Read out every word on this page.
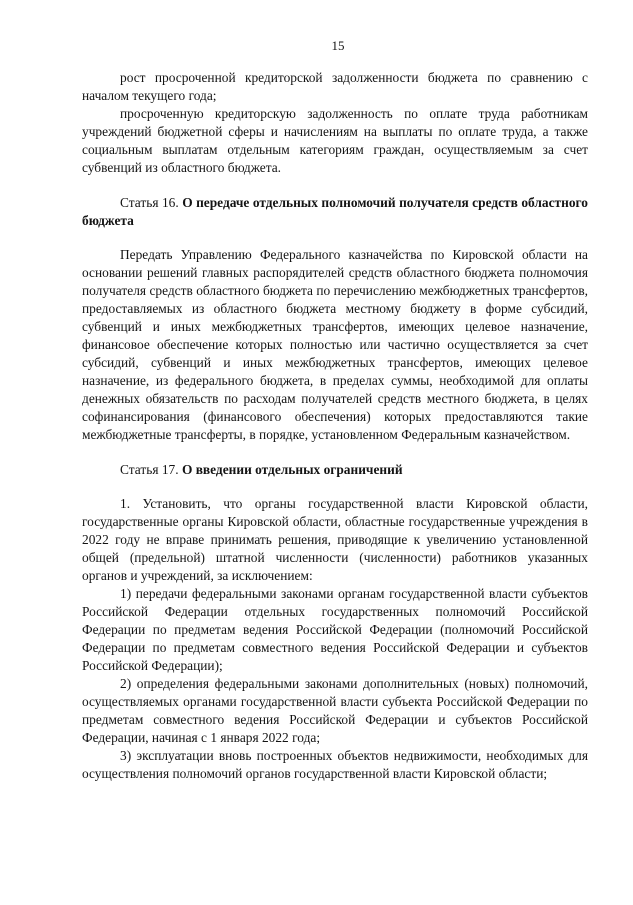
15

рост просроченной кредиторской задолженности бюджета по сравнению с началом текущего года;

просроченную кредиторскую задолженность по оплате труда работникам учреждений бюджетной сферы и начислениям на выплаты по оплате труда, а также социальным выплатам отдельным категориям граждан, осуществляемым за счет субвенций из областного бюджета.

Статья 16. О передаче отдельных полномочий получателя средств областного бюджета

Передать Управлению Федерального казначейства по Кировской области на основании решений главных распорядителей средств областного бюджета полномочия получателя средств областного бюджета по перечислению межбюджетных трансфертов, предоставляемых из областного бюджета местному бюджету в форме субсидий, субвенций и иных межбюджетных трансфертов, имеющих целевое назначение, финансовое обеспечение которых полностью или частично осуществляется за счет субсидий, субвенций и иных межбюджетных трансфертов, имеющих целевое назначение, из федерального бюджета, в пределах суммы, необходимой для оплаты денежных обязательств по расходам получателей средств местного бюджета, в целях софинансирования (финансового обеспечения) которых предоставляются такие межбюджетные трансферты, в порядке, установленном Федеральным казначейством.

Статья 17. О введении отдельных ограничений

1. Установить, что органы государственной власти Кировской области, государственные органы Кировской области, областные государственные учреждения в 2022 году не вправе принимать решения, приводящие к увеличению установленной общей (предельной) штатной численности (численности) работников указанных органов и учреждений, за исключением:

1) передачи федеральными законами органам государственной власти субъектов Российской Федерации отдельных государственных полномочий Российской Федерации по предметам ведения Российской Федерации (полномочий Российской Федерации по предметам совместного ведения Российской Федерации и субъектов Российской Федерации);

2) определения федеральными законами дополнительных (новых) полномочий, осуществляемых органами государственной власти субъекта Российской Федерации по предметам совместного ведения Российской Федерации и субъектов Российской Федерации, начиная с 1 января 2022 года;

3) эксплуатации вновь построенных объектов недвижимости, необходимых для осуществления полномочий органов государственной власти Кировской области;
